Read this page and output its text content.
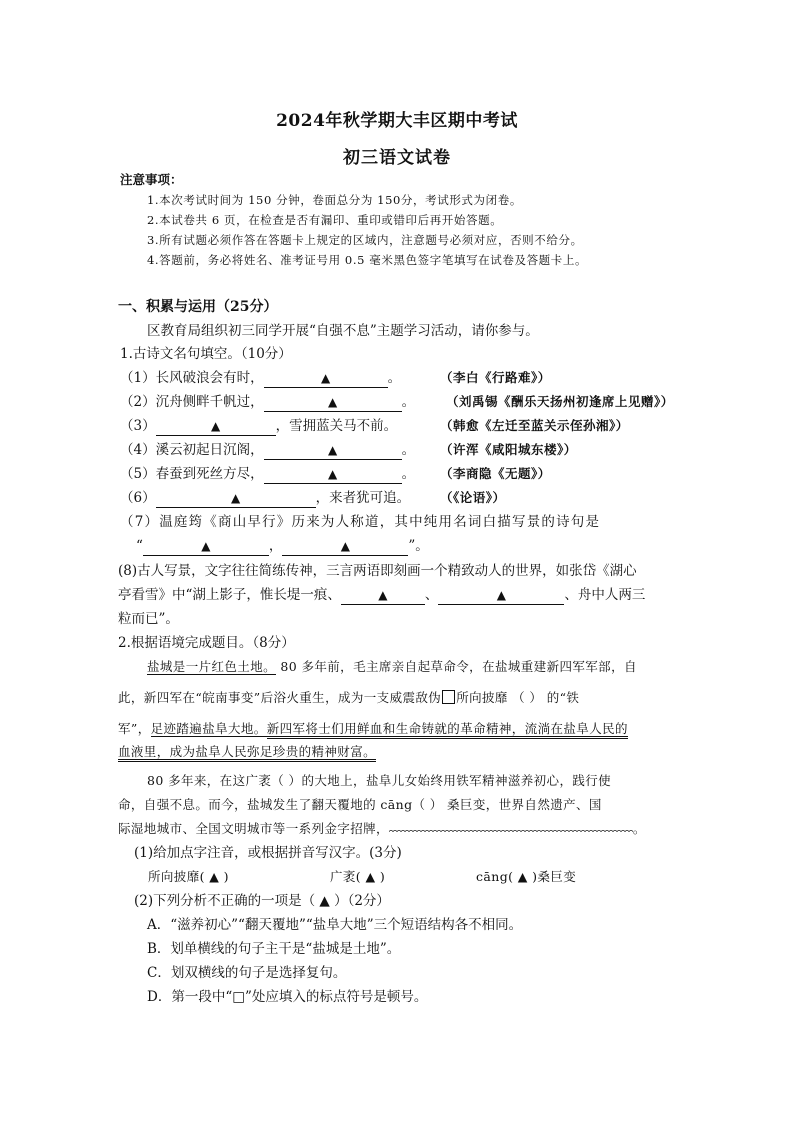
2024年秋学期大丰区期中考试
初三语文试卷
注意事项：
1.本次考试时间为 150 分钟，卷面总分为 150分，考试形式为闭卷。
2.本试卷共 6 页，在检查是否有漏印、重印或错印后再开始答题。
3.所有试题必须作答在答题卡上规定的区域内，注意题号必须对应，否则不给分。
4.答题前，务必将姓名、准考证号用 0.5 毫米黑色签字笔填写在试卷及答题卡上。
一、积累与运用（25分）
区教育局组织初三同学开展“自强不息”主题学习活动，请你参与。
1.古诗文名句填空。（10分）
（1）长风破浪会有时，	▲	。	（李白《行路难》）
（2）沉舟侧畔千帆过，	▲	。 （刘禹锡《酬乐天扬州初逢席上见赠》）
（3）	▲	，雪拥蓝关马不前。	（韩愈《左迁至蓝关示侄孙湘》）
（4）溪云初起日沉阁，	▲	。 （许浑《咸阳城东楼》）
（5）春蚕到死丝方尽，	▲	。 （李商隐《无题》）
（6）	▲	，来者犹可追。 （《论语》）
（7）温庭筠《商山早行》历来为人称道，其中纯用名词白描写景的诗句是
“	▲	，	▲	”。
(8)古人写景，文字往往简练传神，三言两语即刻画一个精致动人的世界，如张岱《湖心
亭看雪》中“湖上影子，惟长堤一痕、	▲	、	▲	、舟中人两三
粒而已”。
2.根据语境完成题目。（8分）
盐城是一片红色土地。 80 多年前，毛主席亲自起草命令，在盐城重建新四军军部，自
此，新四军在“皖南事变”后浴火重生，成为一支威震敌伪 所向披靡 （ ） 的“铁
军”，足迹踏遍盐阜大地。新四军将士们用鲜血和生命铸就的革命精神，流淌在盐阜人民的
血液里，成为盐阜人民弥足珍贵的精神财富。
80 多年来，在这广袤（ ）的大地上，盐阜儿女始终用铁军精神滋养初心，践行使
命，自强不息。而今，盐城发生了翻天覆地的 cāng（ ） 桑巨变，世界自然遗产、国
际湿地城市、全国文明城市等一系列金字招牌，	。
(1)给加点字注音，或根据拼音写汉字。(3分)
所向披靡( ▲ )	广袤( ▲ )	cāng( ▲ )桑巨变
(2)下列分析不正确的一项是（ ▲ ）（2分）
A．“滋养初心”“翻天覆地”“盐阜大地”三个短语结构各不相同。
B．划单横线的句子主干是“盐城是土地”。
C．划双横线的句子是选择复句。
D．第一段中“□”处应填入的标点符号是顿号。
